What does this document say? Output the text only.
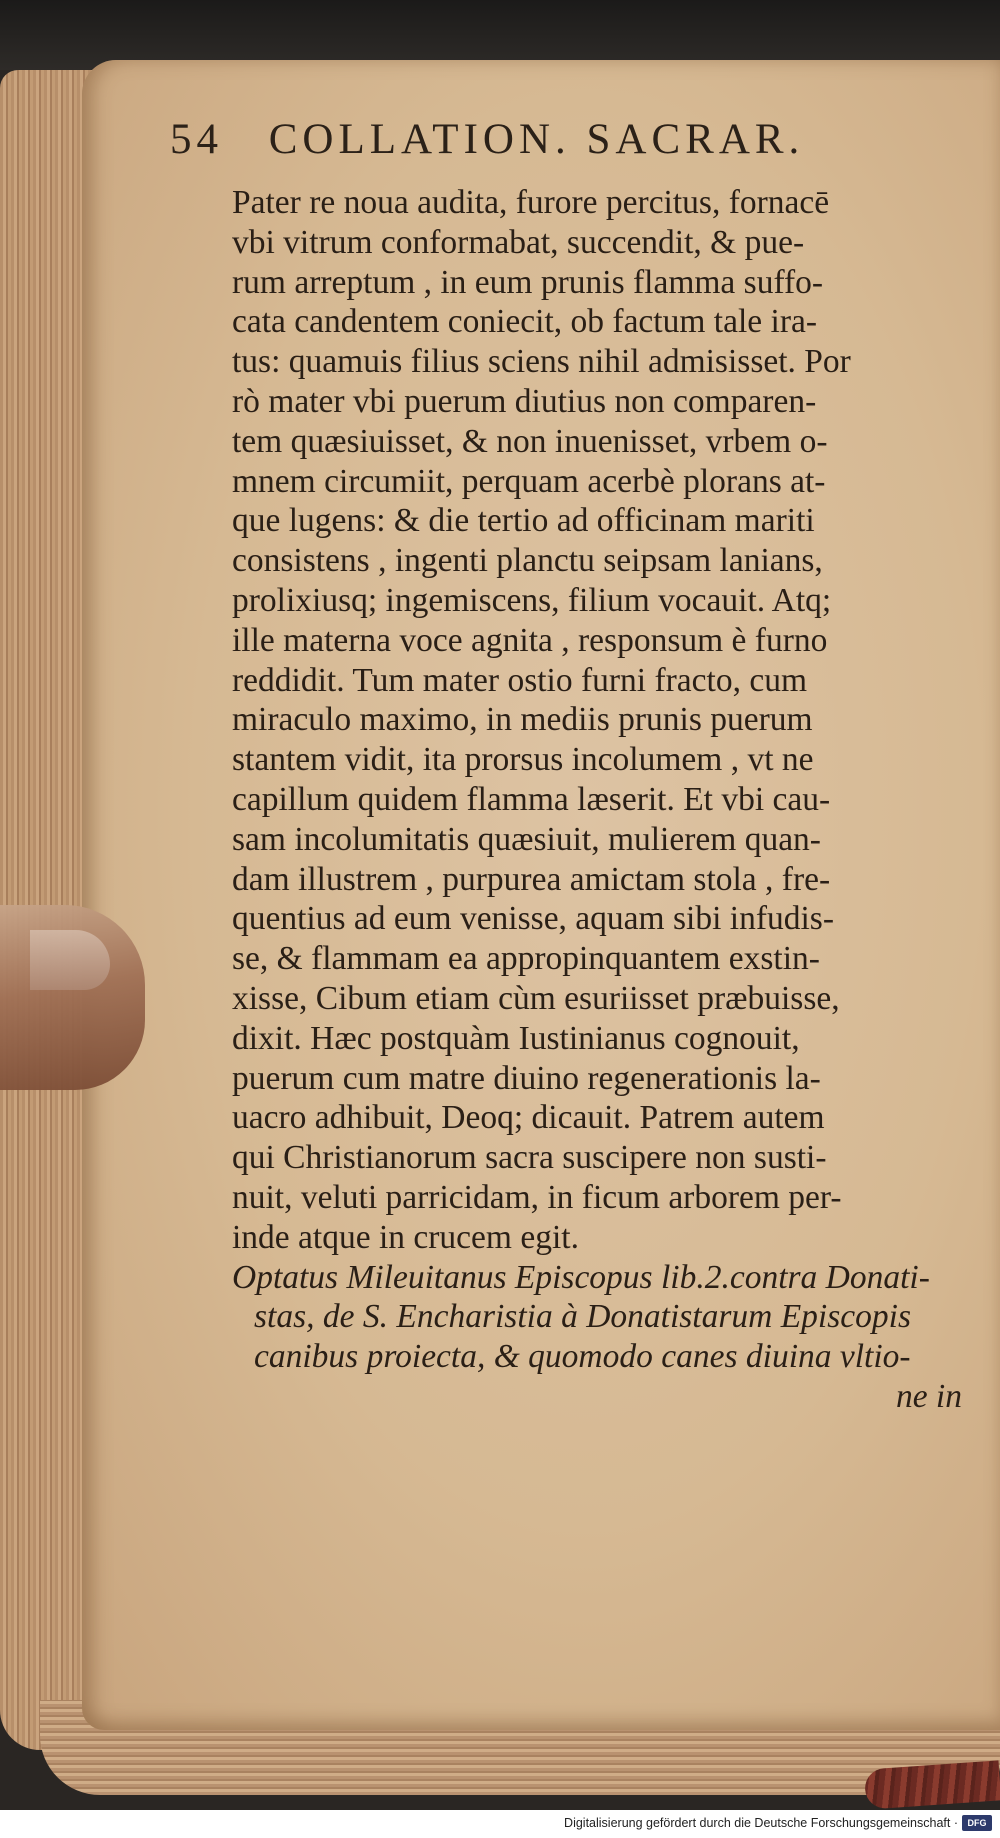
54 COLLATION. SACRAR.
Pater re noua audita, furore percitus, fornacē
vbi vitrum conformabat, succendit, & pue-
rum arreptum , in eum prunis flamma suffo-
cata candentem coniecit, ob factum tale ira-
tus: quamuis filius sciens nihil admisisset. Por
rò mater vbi puerum diutius non comparen-
tem quæsiuisset, & non inuenisset, vrbem o-
mnem circumiit, perquam acerbè plorans at-
que lugens: & die tertio ad officinam mariti
consistens , ingenti planctu seipsam lanians,
prolixiusq; ingemiscens, filium vocauit. Atq;
ille materna voce agnita , responsum è furno
reddidit. Tum mater ostio furni fracto, cum
miraculo maximo, in mediis prunis puerum
stantem vidit, ita prorsus incolumem , vt ne
capillum quidem flamma læserit. Et vbi cau-
sam incolumitatis quæsiuit, mulierem quan-
dam illustrem , purpurea amictam stola , fre-
quentius ad eum venisse, aquam sibi infudis-
se, & flammam ea appropinquantem exstin-
xisse, Cibum etiam cùm esuriisset præbuisse,
dixit. Hæc postquàm Iustinianus cognouit,
puerum cum matre diuino regenerationis la-
uacro adhibuit, Deoq; dicauit. Patrem autem
qui Christianorum sacra suscipere non susti-
nuit, veluti parricidam, in ficum arborem per-
inde atque in crucem egit.
Optatus Mileuitanus Episcopus lib.2.contra Donati-
stas, de S. Encharistia à Donatistarum Episcopis
canibus proiecta, & quomodo canes diuina vltio-
ne in
Digitalisierung gefördert durch die Deutsche Forschungsgemeinschaft ·	DFG
